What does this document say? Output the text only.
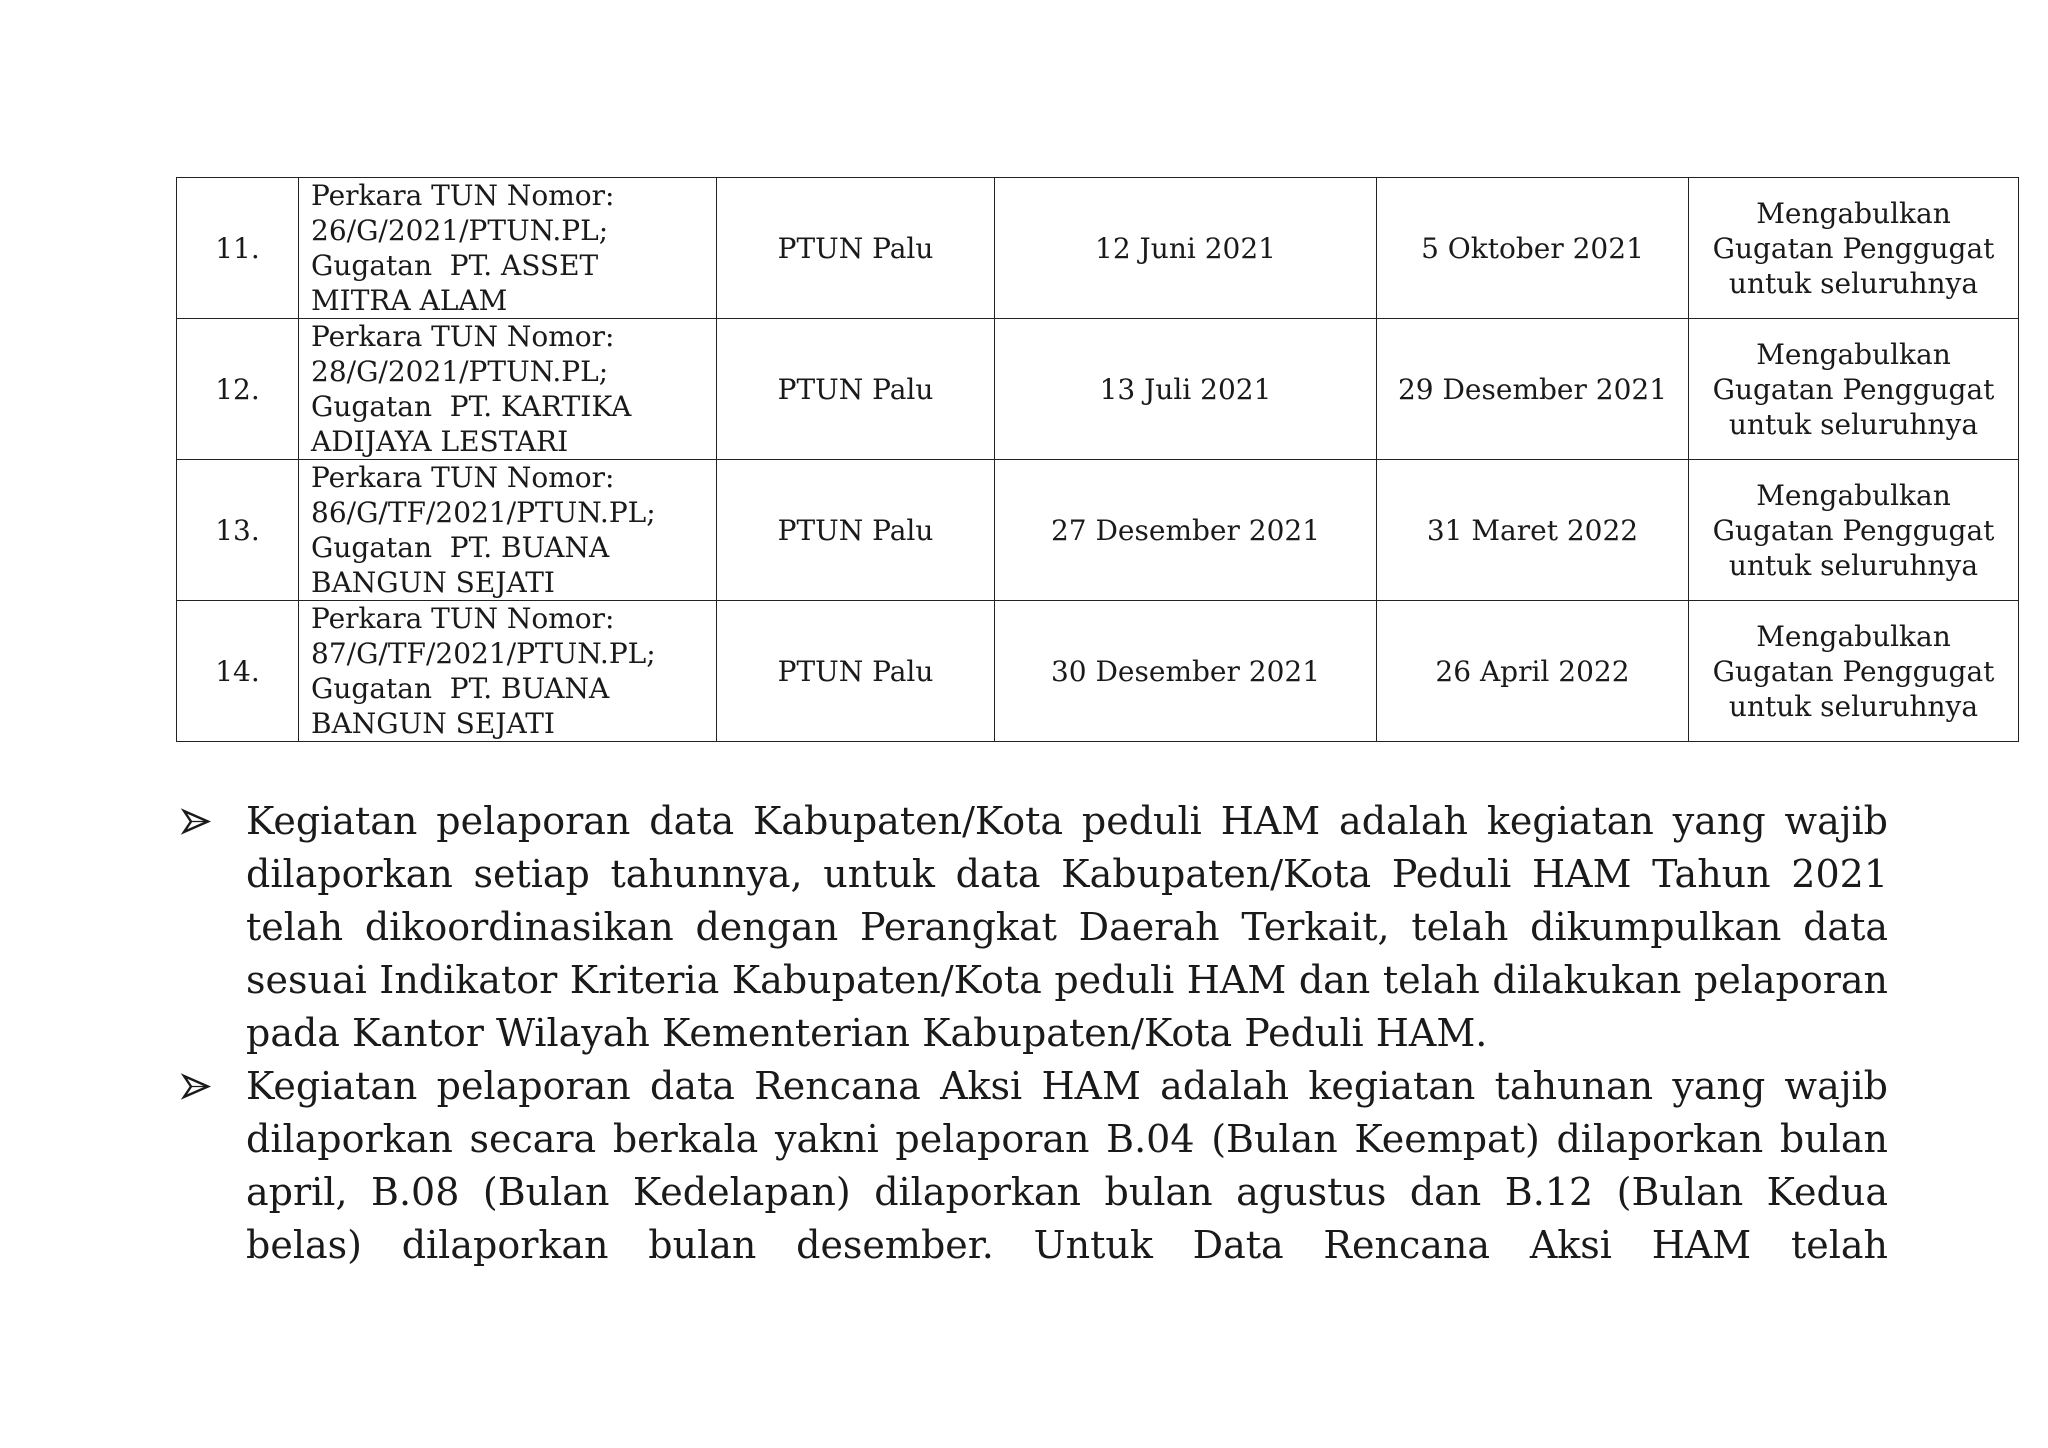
11.	Perkara TUN Nomor:
26/G/2021/PTUN.PL;
Gugatan  PT. ASSET
MITRA ALAM	PTUN Palu	12 Juni 2021	5 Oktober 2021	Mengabulkan
Gugatan Penggugat
untuk seluruhnya

12.	Perkara TUN Nomor:
28/G/2021/PTUN.PL;
Gugatan  PT. KARTIKA
ADIJAYA LESTARI	PTUN Palu	13 Juli 2021	29 Desember 2021	Mengabulkan
Gugatan Penggugat
untuk seluruhnya

13.	Perkara TUN Nomor:
86/G/TF/2021/PTUN.PL;
Gugatan  PT. BUANA
BANGUN SEJATI	PTUN Palu	27 Desember 2021	31 Maret 2022	Mengabulkan
Gugatan Penggugat
untuk seluruhnya

14.	Perkara TUN Nomor:
87/G/TF/2021/PTUN.PL;
Gugatan  PT. BUANA
BANGUN SEJATI	PTUN Palu	30 Desember 2021	26 April 2022	Mengabulkan
Gugatan Penggugat
untuk seluruhnya
Kegiatan pelaporan data Kabupaten/Kota peduli HAM adalah kegiatan yang wajib dilaporkan setiap tahunnya, untuk data Kabupaten/Kota Peduli HAM Tahun 2021 telah dikoordinasikan dengan Perangkat Daerah Terkait, telah dikumpulkan data sesuai Indikator Kriteria Kabupaten/Kota peduli HAM dan telah dilakukan pelaporan pada Kantor Wilayah Kementerian Kabupaten/Kota Peduli HAM.
Kegiatan pelaporan data Rencana Aksi HAM adalah kegiatan tahunan yang wajib dilaporkan secara berkala yakni pelaporan B.04 (Bulan Keempat) dilaporkan bulan april, B.08 (Bulan Kedelapan) dilaporkan bulan agustus dan B.12 (Bulan Kedua belas) dilaporkan bulan desember. Untuk Data Rencana Aksi HAM telah
